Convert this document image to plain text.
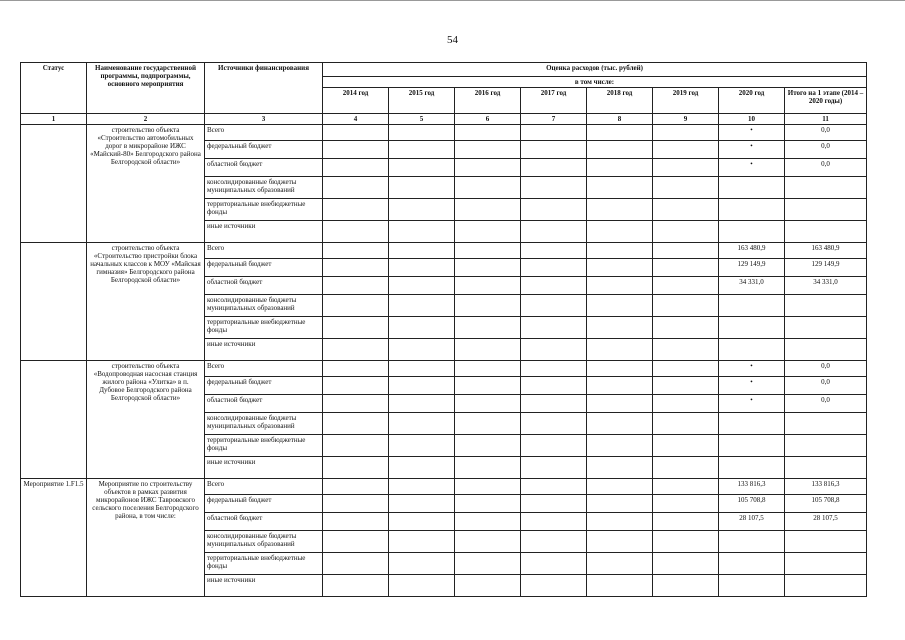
54
Статус	Наименование государственной программы, подпрограммы, основного мероприятия	Источники финансирования	Оценка расходов (тыс. рублей)							
			в том числе:							
			2014 год	2015 год	2016 год	2017 год	2018 год	2019 год	2020 год	Итого на 1 этапе (2014 – 2020 годы)
1	2	3	4	5	6	7	8	9	10	11
	строительство объекта «Строительство автомобильных дорог в микрорайоне ИЖС «Майский-80» Белгородского района Белгородской области»	Всего							•	0,0
		федеральный бюджет							•	0,0
		областной бюджет							•	0,0
		консолидированные бюджеты муниципальных образований								
		территориальные внебюджетные фонды								
		иные источники								
	строительство объекта «Строительство пристройки блока начальных классов к МОУ «Майская гимназия» Белгородского района Белгородской области»	Всего							163 480,9	163 480,9
		федеральный бюджет							129 149,9	129 149,9
		областной бюджет							34 331,0	34 331,0
		консолидированные бюджеты муниципальных образований								
		территориальные внебюджетные фонды								
		иные источники								
	строительство объекта «Водопроводная насосная станция жилого района «Улитка» в п. Дубовое Белгородского района Белгородской области»	Всего							•	0,0
		федеральный бюджет							•	0,0
		областной бюджет							•	0,0
		консолидированные бюджеты муниципальных образований								
		территориальные внебюджетные фонды								
		иные источники								
Мероприятие 1.F1.5	Мероприятие по строительству объектов в рамках развития микрорайонов ИЖС Тавровского сельского поселения Белгородского района, в том числе:	Всего							133 816,3	133 816,3
		федеральный бюджет							105 708,8	105 708,8
		областной бюджет							28 107,5	28 107,5
		консолидированные бюджеты муниципальных образований								
		территориальные внебюджетные фонды								
		иные источники								
